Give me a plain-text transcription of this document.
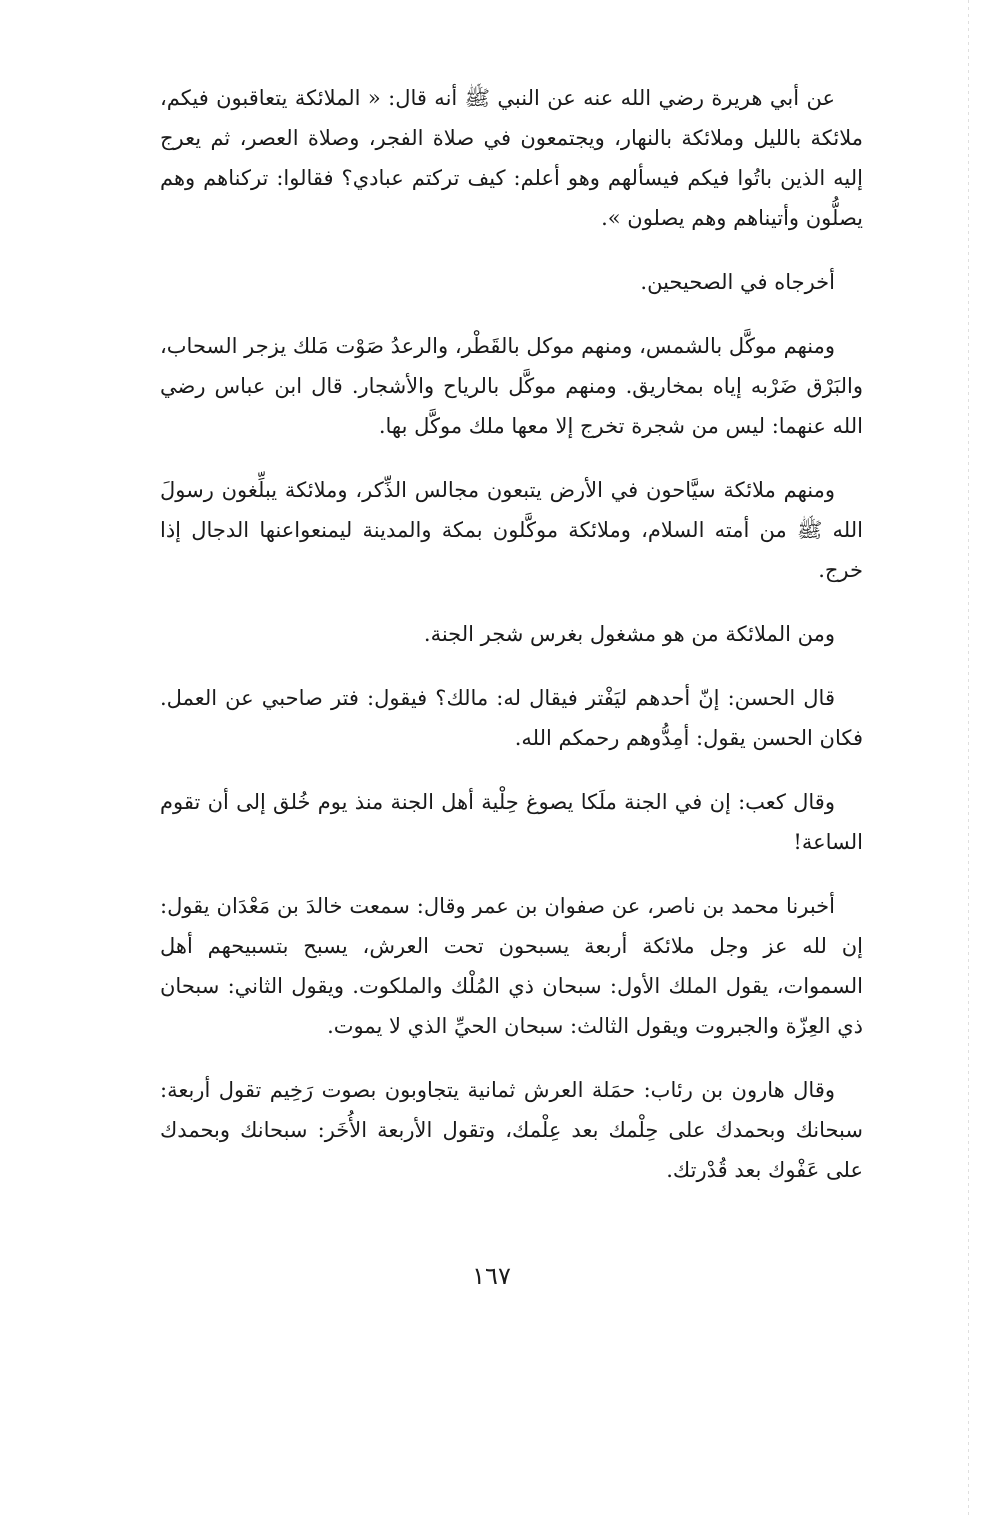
عن أبي هريرة رضي الله عنه عن النبي ﷺ أنه قال: « الملائكة يتعاقبون فيكم، ملائكة بالليل وملائكة بالنهار، ويجتمعون في صلاة الفجر، وصلاة العصر، ثم يعرج إليه الذين باتُوا فيكم فيسألهم وهو أعلم: كيف تركتم عبادي؟ فقالوا: تركناهم وهم يصلُّون وأتيناهم وهم يصلون ».

أخرجاه في الصحيحين.

ومنهم موكَّل بالشمس، ومنهم موكل بالقَطْر، والرعدُ صَوْت مَلك يزجر السحاب، والبَرْق ضَرْبه إياه بمخاريق. ومنهم موكَّل بالرياح والأشجار. قال ابن عباس رضي الله عنهما: ليس من شجرة تخرج إلا معها ملك موكَّل بها.

ومنهم ملائكة سيَّاحون في الأرض يتبعون مجالس الذِّكر، وملائكة يبلِّغون رسولَ الله ﷺ من أمته السلام، وملائكة موكَّلون بمكة والمدينة ليمنعواعنها الدجال إذا خرج.

ومن الملائكة من هو مشغول بغرس شجر الجنة.

قال الحسن: إنّ أحدهم ليَفْتر فيقال له: مالك؟ فيقول: فتر صاحبي عن العمل. فكان الحسن يقول: أمِدُّوهم رحمكم الله.

وقال كعب: إن في الجنة ملَكا يصوغ حِلْية أهل الجنة منذ يوم خُلق إلى أن تقوم الساعة!

أخبرنا محمد بن ناصر، عن صفوان بن عمر وقال: سمعت خالدَ بن مَعْدَان يقول: إن لله عز وجل ملائكة أربعة يسبحون تحت العرش، يسبح بتسبيحهم أهل السموات، يقول الملك الأول: سبحان ذي المُلْك والملكوت. ويقول الثاني: سبحان ذي العِزّة والجبروت ويقول الثالث: سبحان الحيِّ الذي لا يموت.

وقال هارون بن رئاب: حمَلة العرش ثمانية يتجاوبون بصوت رَخِيم تقول أربعة: سبحانك وبحمدك على حِلْمك بعد عِلْمك، وتقول الأربعة الأُخَر: سبحانك وبحمدك على عَفْوك بعد قُدْرتك.

١٦٧
